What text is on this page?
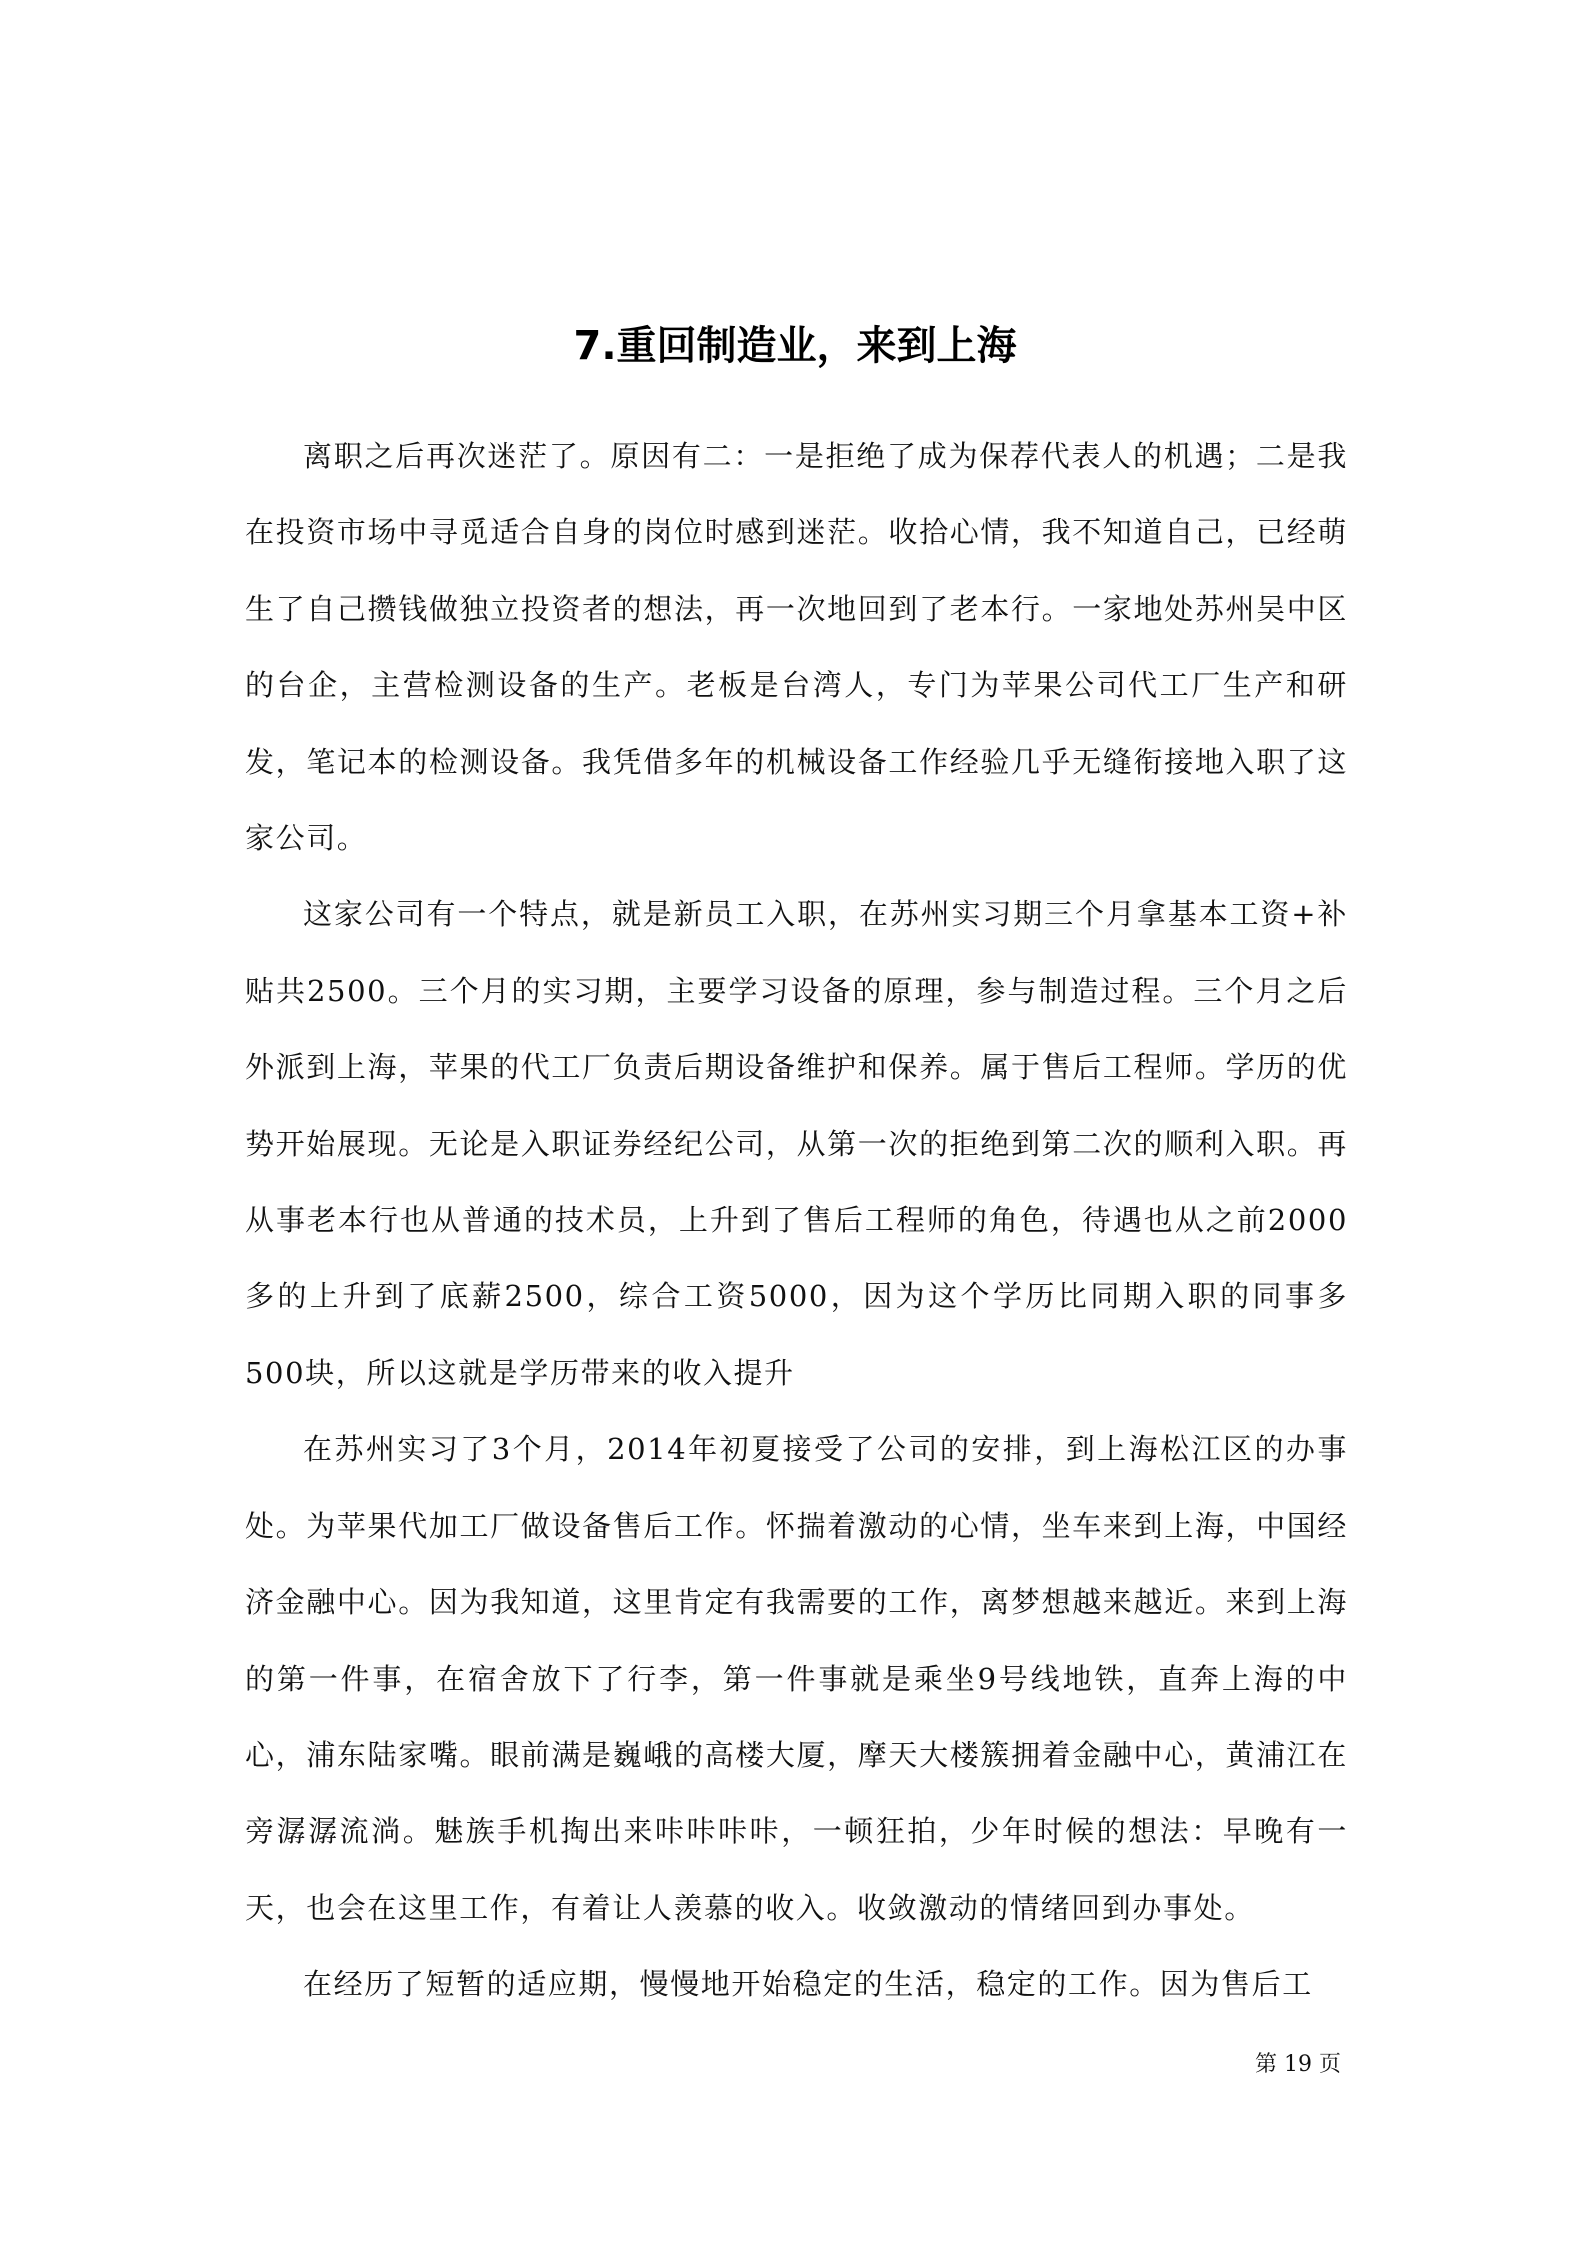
7.重回制造业，来到上海

离职之后再次迷茫了。原因有二：一是拒绝了成为保荐代表人的机遇；二是我在投资市场中寻觅适合自身的岗位时感到迷茫。收拾心情，我不知道自己，已经萌生了自己攒钱做独立投资者的想法，再一次地回到了老本行。一家地处苏州吴中区的台企，主营检测设备的生产。老板是台湾人，专门为苹果公司代工厂生产和研发，笔记本的检测设备。我凭借多年的机械设备工作经验几乎无缝衔接地入职了这家公司。

这家公司有一个特点，就是新员工入职，在苏州实习期三个月拿基本工资+补贴共2500。三个月的实习期，主要学习设备的原理，参与制造过程。三个月之后外派到上海，苹果的代工厂负责后期设备维护和保养。属于售后工程师。学历的优势开始展现。无论是入职证券经纪公司，从第一次的拒绝到第二次的顺利入职。再从事老本行也从普通的技术员，上升到了售后工程师的角色，待遇也从之前2000多的上升到了底薪2500，综合工资5000，因为这个学历比同期入职的同事多500块，所以这就是学历带来的收入提升

在苏州实习了3个月，2014年初夏接受了公司的安排，到上海松江区的办事处。为苹果代加工厂做设备售后工作。怀揣着激动的心情，坐车来到上海，中国经济金融中心。因为我知道，这里肯定有我需要的工作，离梦想越来越近。来到上海的第一件事，在宿舍放下了行李，第一件事就是乘坐9号线地铁，直奔上海的中心，浦东陆家嘴。眼前满是巍峨的高楼大厦，摩天大楼簇拥着金融中心，黄浦江在旁潺潺流淌。魅族手机掏出来咔咔咔咔，一顿狂拍，少年时候的想法：早晚有一天，也会在这里工作，有着让人羡慕的收入。收敛激动的情绪回到办事处。

在经历了短暂的适应期，慢慢地开始稳定的生活，稳定的工作。因为售后工

第 19 页
